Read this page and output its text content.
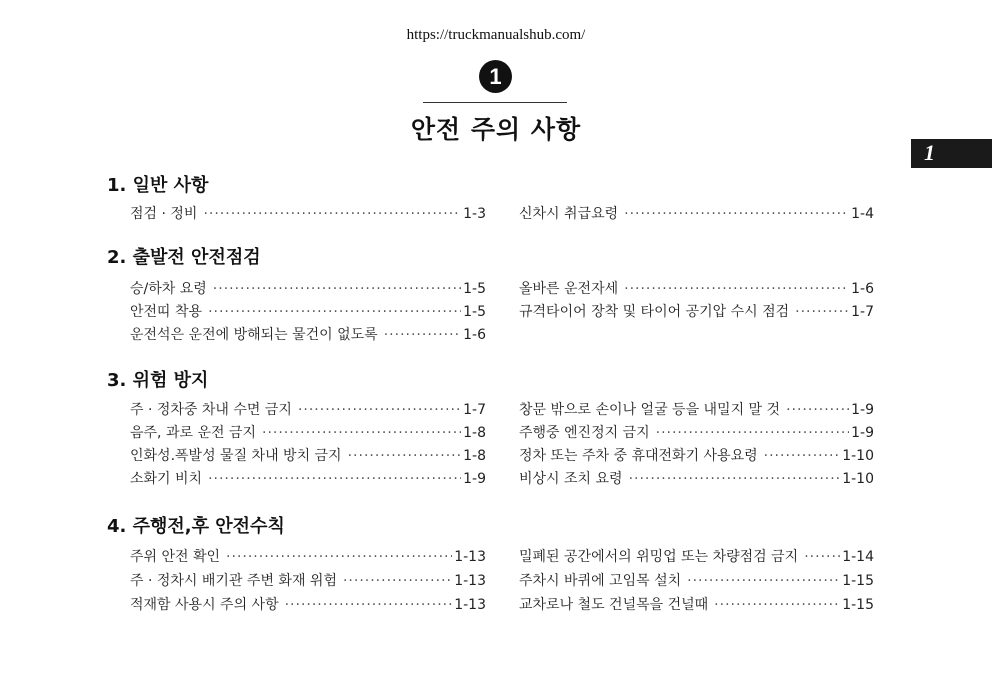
https://truckmanualshub.com/
1
안전 주의 사항
1
1. 일반 사항
점검 · 정비 ·····	1-3 신차시 취급요령 ·····	1-4
2. 출발전 안전점검
승/하차 요령 ·····	1-5
안전띠 착용 ·····	1-5
운전석은 운전에 방해되는 물건이 없도록 ·····	1-6
올바른 운전자세 ·····	1-6
규격타이어 장착 및 타이어 공기압 수시 점검 ·····	1-7
3. 위험 방지
주 · 정차중 차내 수면 금지 ·····	1-7
음주, 과로 운전 금지 ·····	1-8
인화성.폭발성 물질 차내 방치 금지 ·····	1-8
소화기 비치 ·····	1-9
창문 밖으로 손이나 얼굴 등을 내밀지 말 것 ·····	1-9
주행중 엔진정지 금지 ·····	1-9
정차 또는 주차 중 휴대전화기 사용요령 ·····	1-10
비상시 조치 요령 ·····	1-10
4. 주행전,후 안전수칙
주위 안전 확인 ·····	1-13
주 · 정차시 배기관 주변 화재 위험 ·····	1-13
적재함 사용시 주의 사항 ·····	1-13
밀폐된 공간에서의 위밍업 또는 차량점검 금지 ·····	1-14
주차시 바퀴에 고임목 설치 ·····	1-15
교차로나 철도 건널목을 건널때 ·····	1-15
